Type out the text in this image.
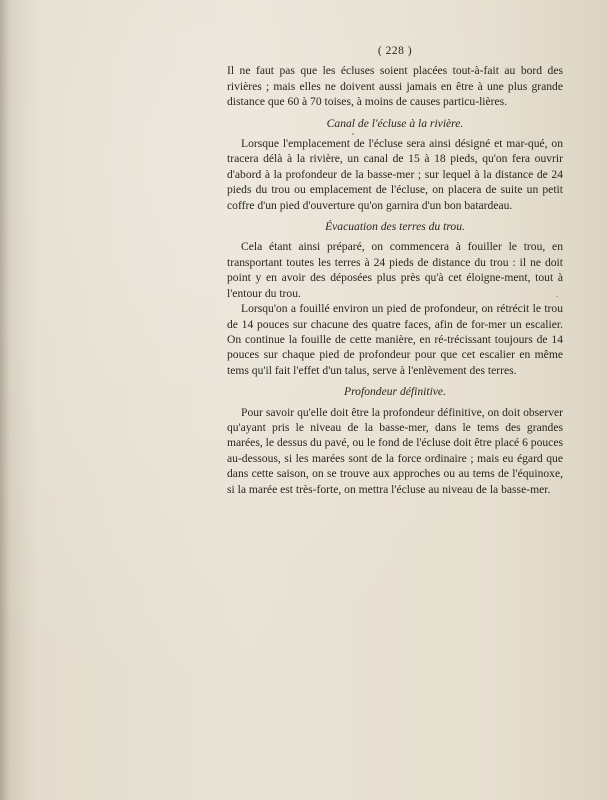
( 228 )

Il ne faut pas que les écluses soient placées tout-à-fait au bord des rivières ; mais elles ne doivent aussi jamais en être à une plus grande distance que 60 à 70 toises, à moins de causes particu-lières.

Canal de l'écluse à la rivière.

Lorsque l'emplacement de l'écluse sera ainsi désigné et mar-qué, on tracera délà à la rivière, un canal de 15 à 18 pieds, qu'on fera ouvrir d'abord à la profondeur de la basse-mer ; sur lequel à la distance de 24 pieds du trou ou emplacement de l'écluse, on placera de suite un petit coffre d'un pied d'ouverture qu'on garnira d'un bon batardeau.

Évacuation des terres du trou.

Cela étant ainsi préparé, on commencera à fouiller le trou, en transportant toutes les terres à 24 pieds de distance du trou : il ne doit point y en avoir des déposées plus près qu'à cet éloigne-ment, tout à l'entour du trou.

Lorsqu'on a fouillé environ un pied de profondeur, on rétrécit le trou de 14 pouces sur chacune des quatre faces, afin de for-mer un escalier. On continue la fouille de cette manière, en ré-trécissant toujours de 14 pouces sur chaque pied de profondeur pour que cet escalier en même tems qu'il fait l'effet d'un talus, serve à l'enlèvement des terres.

Profondeur définitive.

Pour savoir qu'elle doit être la profondeur définitive, on doit observer qu'ayant pris le niveau de la basse-mer, dans le tems des grandes marées, le dessus du pavé, ou le fond de l'écluse doit être placé 6 pouces au-dessous, si les marées sont de la force ordinaire ; mais eu égard que dans cette saison, on se trouve aux approches ou au tems de l'équinoxe, si la marée est très-forte, on mettra l'écluse au niveau de la basse-mer.
